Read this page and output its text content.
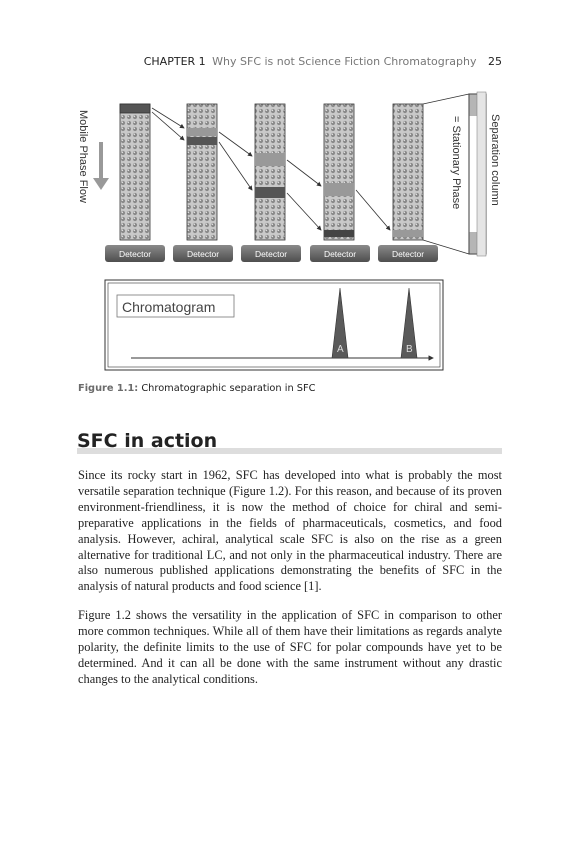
CHAPTER 1 Why SFC is not Science Fiction Chromatography 25
Mobile Phase Flow
Detector	Detector	Detector	Detector	Detector
Separation column
= Stationary Phase
Chromatogram
A	B
Figure 1.1: Chromatographic separation in SFC
SFC in action

Since its rocky start in 1962, SFC has developed into what is probably the most versatile separation technique (Figure 1.2). For this reason, and because of its proven environment-friendliness, it is now the method of choice for chiral and semi-preparative applications in the fields of pharmaceuticals, cosmetics, and food analysis. However, achiral, analytical scale SFC is also on the rise as a green alternative for traditional LC, and not only in the pharmaceutical industry. There are also numerous published applications demonstrating the benefits of SFC in the analysis of natural products and food science [1].

Figure 1.2 shows the versatility in the application of SFC in comparison to other more common techniques. While all of them have their limitations as regards analyte polarity, the definite limits to the use of SFC for polar compounds have yet to be determined. And it can all be done with the same instrument without any drastic changes to the analytical conditions.
